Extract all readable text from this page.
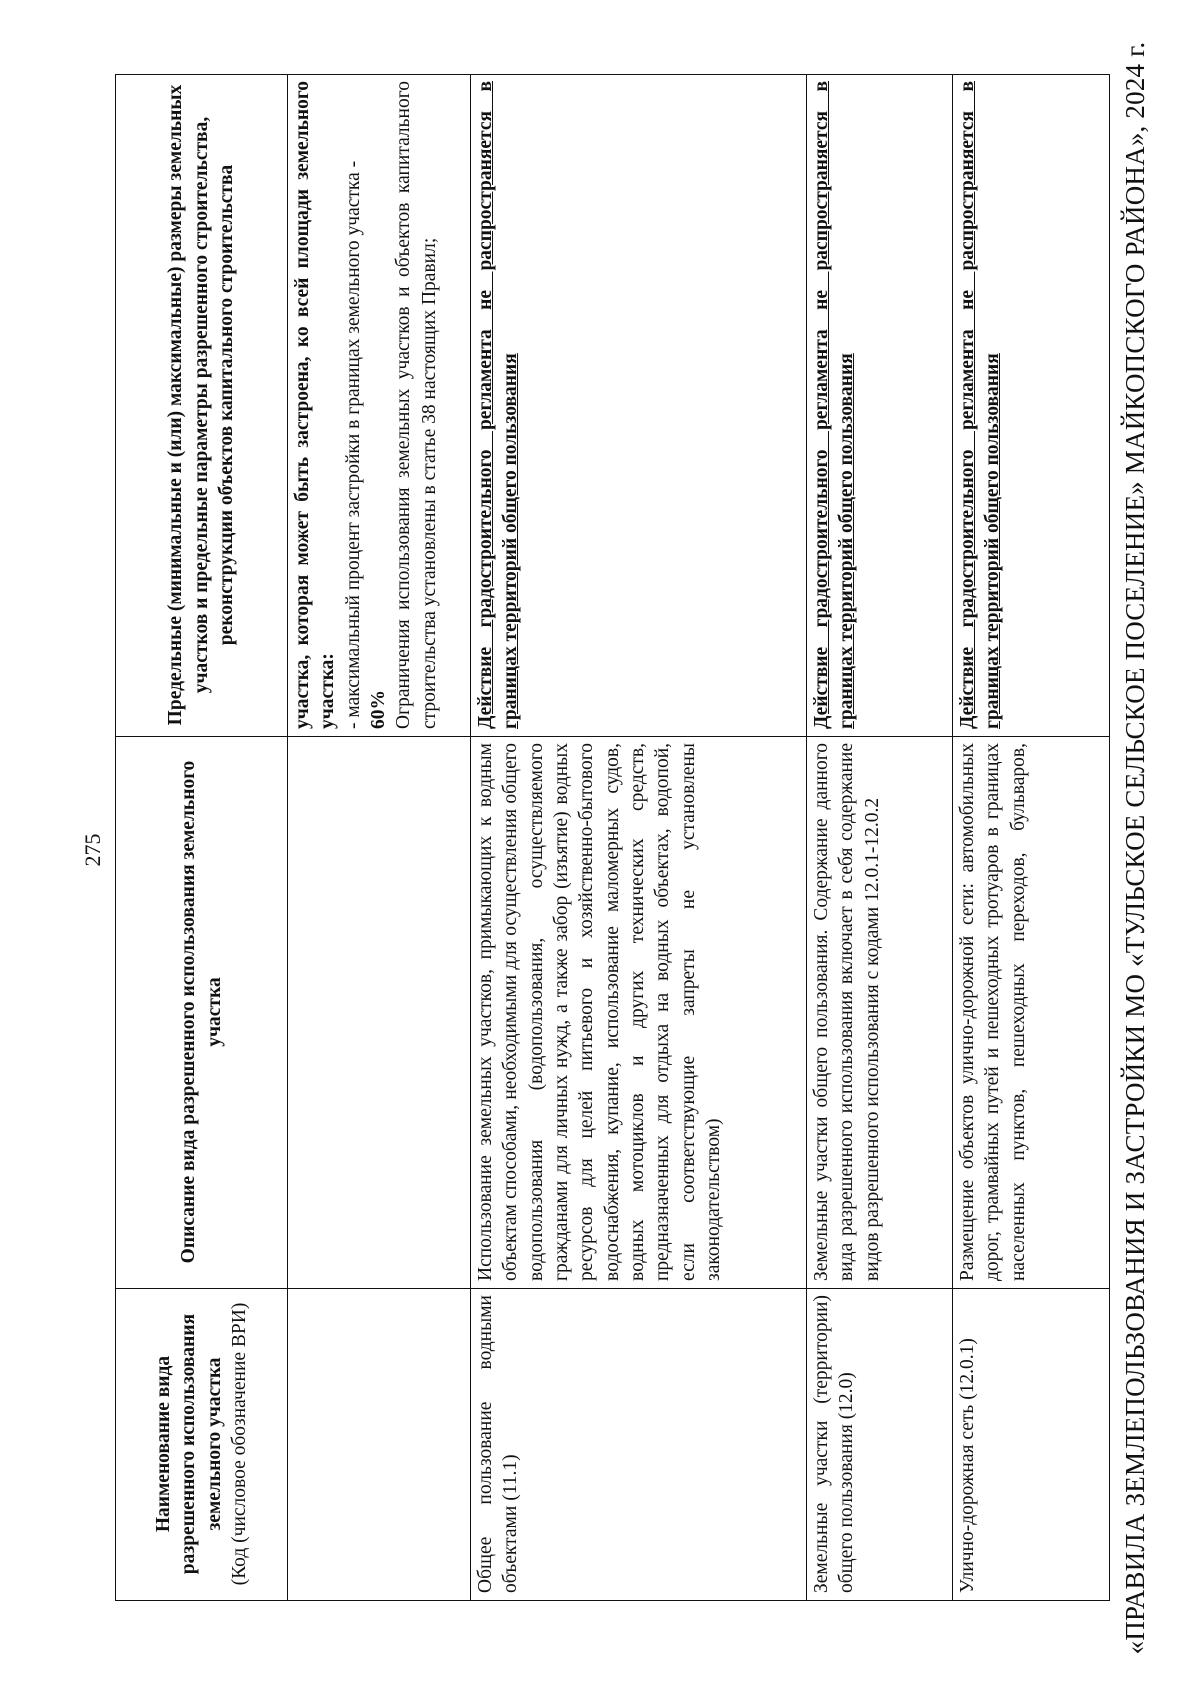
275
Наименование вида разрешенного использования земельного участка (Код (числовое обозначение ВРИ)	Описание вида разрешенного использования земельного участка	Предельные (минимальные и (или) максимальные) размеры земельных участков и предельные параметры разрешенного строительства, реконструкции объектов капитального строительства
		участка, которая может быть застроена, ко всей площади земельного участка: - максимальный процент застройки в границах земельного участка - 60% Ограничения использования земельных участков и объектов капитального строительства установлены в статье 38 настоящих Правил;
Общее пользование водными объектами (11.1)	Использование земельных участков, примыкающих к водным объектам способами, необходимыми для осуществления общего водопользования (водопользования, осуществляемого гражданами для личных нужд, а также забор (изъятие) водных ресурсов для целей питьевого и хозяйственно-бытового водоснабжения, купание, использование маломерных судов, водных мотоциклов и других технических средств, предназначенных для отдыха на водных объектах, водопой, если соответствующие запреты не установлены законодательством)	Действие градостроительного регламента не распространяется в границах территорий общего пользования
Земельные участки (территории) общего пользования (12.0)	Земельные участки общего пользования. Содержание данного вида разрешенного использования включает в себя содержание видов разрешенного использования с кодами 12.0.1-12.0.2	Действие градостроительного регламента не распространяется в границах территорий общего пользования
Улично-дорожная сеть (12.0.1)	Размещение объектов улично-дорожной сети: автомобильных дорог, трамвайных путей и пешеходных тротуаров в границах населенных пунктов, пешеходных переходов, бульваров,	Действие градостроительного регламента не распространяется в границах территорий общего пользования	«ПРАВИЛА ЗЕМЛЕПОЛЬЗОВАНИЯ И ЗАСТРОЙКИ МО «ТУЛЬСКОЕ СЕЛЬСКОЕ ПОСЕЛЕНИЕ» МАЙКОПСКОГО РАЙОНА», 2024 г.
